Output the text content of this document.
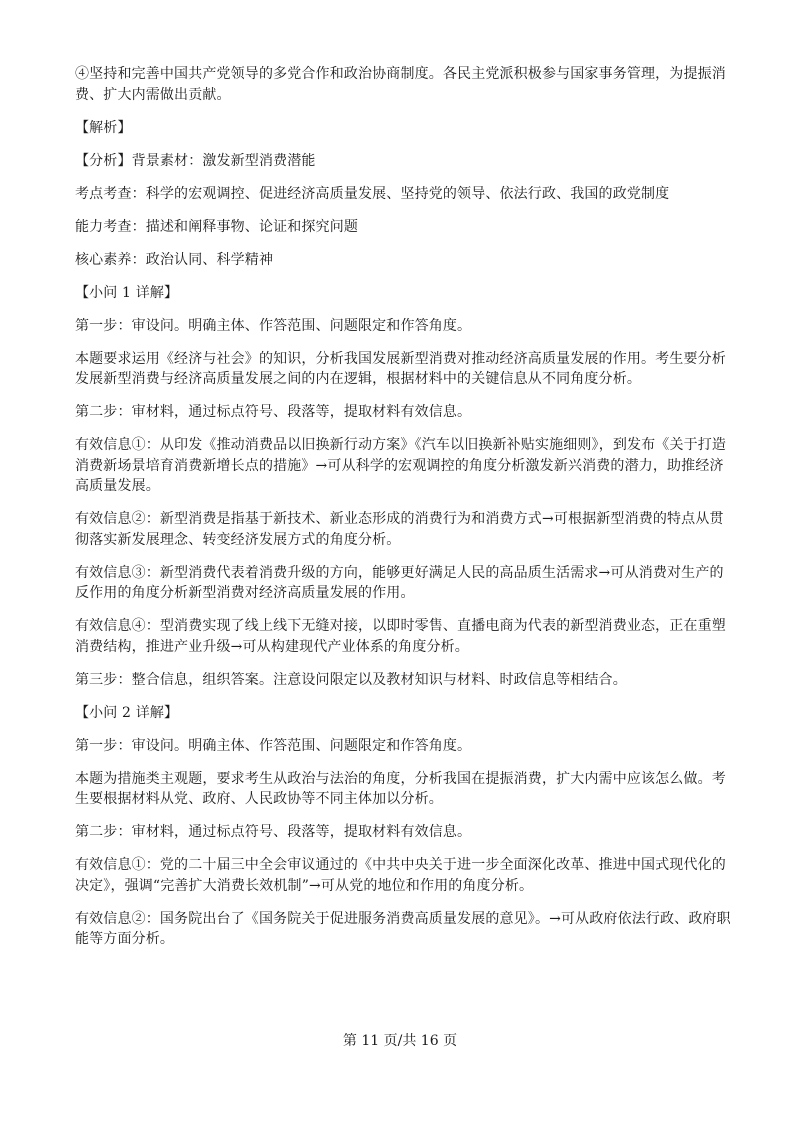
④坚持和完善中国共产党领导的多党合作和政治协商制度。各民主党派积极参与国家事务管理，为提振消费、扩大内需做出贡献。

【解析】

【分析】背景素材：激发新型消费潜能

考点考查：科学的宏观调控、促进经济高质量发展、坚持党的领导、依法行政、我国的政党制度

能力考查：描述和阐释事物、论证和探究问题

核心素养：政治认同、科学精神

【小问 1 详解】

第一步：审设问。明确主体、作答范围、问题限定和作答角度。

本题要求运用《经济与社会》的知识，分析我国发展新型消费对推动经济高质量发展的作用。考生要分析发展新型消费与经济高质量发展之间的内在逻辑，根据材料中的关键信息从不同角度分析。

第二步：审材料，通过标点符号、段落等，提取材料有效信息。

有效信息①：从印发《推动消费品以旧换新行动方案》《汽车以旧换新补贴实施细则》，到发布《关于打造消费新场景培育消费新增长点的措施》→可从科学的宏观调控的角度分析激发新兴消费的潜力，助推经济高质量发展。

有效信息②：新型消费是指基于新技术、新业态形成的消费行为和消费方式→可根据新型消费的特点从贯彻落实新发展理念、转变经济发展方式的角度分析。

有效信息③：新型消费代表着消费升级的方向，能够更好满足人民的高品质生活需求→可从消费对生产的反作用的角度分析新型消费对经济高质量发展的作用。

有效信息④：型消费实现了线上线下无缝对接，以即时零售、直播电商为代表的新型消费业态，正在重塑消费结构，推进产业升级→可从构建现代产业体系的角度分析。

第三步：整合信息，组织答案。注意设问限定以及教材知识与材料、时政信息等相结合。

【小问 2 详解】

第一步：审设问。明确主体、作答范围、问题限定和作答角度。

本题为措施类主观题，要求考生从政治与法治的角度，分析我国在提振消费，扩大内需中应该怎么做。考生要根据材料从党、政府、人民政协等不同主体加以分析。

第二步：审材料，通过标点符号、段落等，提取材料有效信息。

有效信息①：党的二十届三中全会审议通过的《中共中央关于进一步全面深化改革、推进中国式现代化的决定》，强调“完善扩大消费长效机制”→可从党的地位和作用的角度分析。

有效信息②：国务院出台了《国务院关于促进服务消费高质量发展的意见》。→可从政府依法行政、政府职能等方面分析。

第 11 页/共 16 页
